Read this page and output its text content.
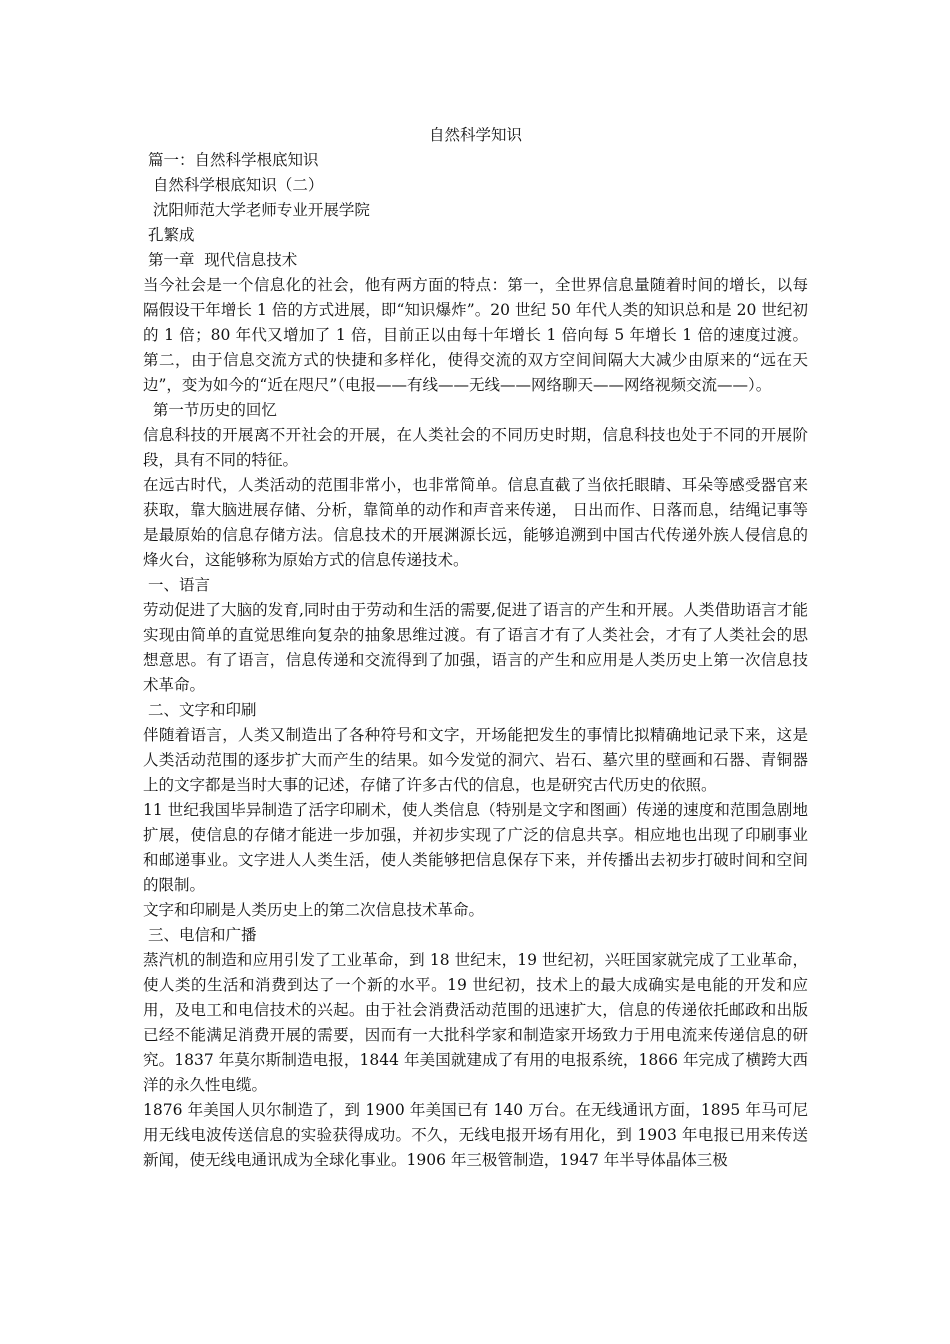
自然科学知识
篇一：自然科学根底知识
自然科学根底知识（二）
沈阳师范大学老师专业开展学院
孔繁成
第一章  现代信息技术
当今社会是一个信息化的社会，他有两方面的特点：第一，全世界信息量随着时间的增长，以每隔假设干年增长 1 倍的方式进展，即“知识爆炸”。20 世纪 50 年代人类的知识总和是 20 世纪初的 1 倍；80 年代又增加了 1 倍，目前正以由每十年增长 1 倍向每 5 年增长 1 倍的速度过渡。第二，由于信息交流方式的快捷和多样化，使得交流的双方空间间隔大大减少由原来的“远在天边”，变为如今的“近在咫尺”（电报——有线——无线——网络聊天——网络视频交流——）。
第一节历史的回忆
信息科技的开展离不开社会的开展，在人类社会的不同历史时期，信息科技也处于不同的开展阶段，具有不同的特征。
在远古时代，人类活动的范围非常小，也非常简单。信息直截了当依托眼睛、耳朵等感受器官来获取，靠大脑进展存储、分析，靠简单的动作和声音来传递， 日出而作、日落而息，结绳记事等是最原始的信息存储方法。信息技术的开展渊源长远，能够追溯到中国古代传递外族人侵信息的烽火台，这能够称为原始方式的信息传递技术。
一、语言
劳动促进了大脑的发育,同时由于劳动和生活的需要,促进了语言的产生和开展。人类借助语言才能实现由简单的直觉思维向复杂的抽象思维过渡。有了语言才有了人类社会，才有了人类社会的思想意思。有了语言，信息传递和交流得到了加强，语言的产生和应用是人类历史上第一次信息技术革命。
二、文字和印刷
伴随着语言，人类又制造出了各种符号和文字，开场能把发生的事情比拟精确地记录下来，这是人类活动范围的逐步扩大而产生的结果。如今发觉的洞穴、岩石、墓穴里的壁画和石器、青铜器上的文字都是当时大事的记述，存储了许多古代的信息，也是研究古代历史的依照。
11 世纪我国毕异制造了活字印刷术，使人类信息（特别是文字和图画）传递的速度和范围急剧地扩展，使信息的存储才能进一步加强，并初步实现了广泛的信息共享。相应地也出现了印刷事业和邮递事业。文字进人人类生活，使人类能够把信息保存下来，并传播出去初步打破时间和空间的限制。
文字和印刷是人类历史上的第二次信息技术革命。
三、电信和广播
蒸汽机的制造和应用引发了工业革命，到 18 世纪末，19 世纪初，兴旺国家就完成了工业革命，使人类的生活和消费到达了一个新的水平。19 世纪初，技术上的最大成确实是电能的开发和应用，及电工和电信技术的兴起。由于社会消费活动范围的迅速扩大，信息的传递依托邮政和出版已经不能满足消费开展的需要，因而有一大批科学家和制造家开场致力于用电流来传递信息的研究。1837 年莫尔斯制造电报，1844 年美国就建成了有用的电报系统，1866 年完成了横跨大西洋的永久性电缆。
1876 年美国人贝尔制造了，到 1900 年美国已有 140 万台。在无线通讯方面，1895 年马可尼用无线电波传送信息的实验获得成功。不久，无线电报开场有用化，到 1903 年电报已用来传送新闻，使无线电通讯成为全球化事业。1906 年三极管制造，1947 年半导体晶体三极
